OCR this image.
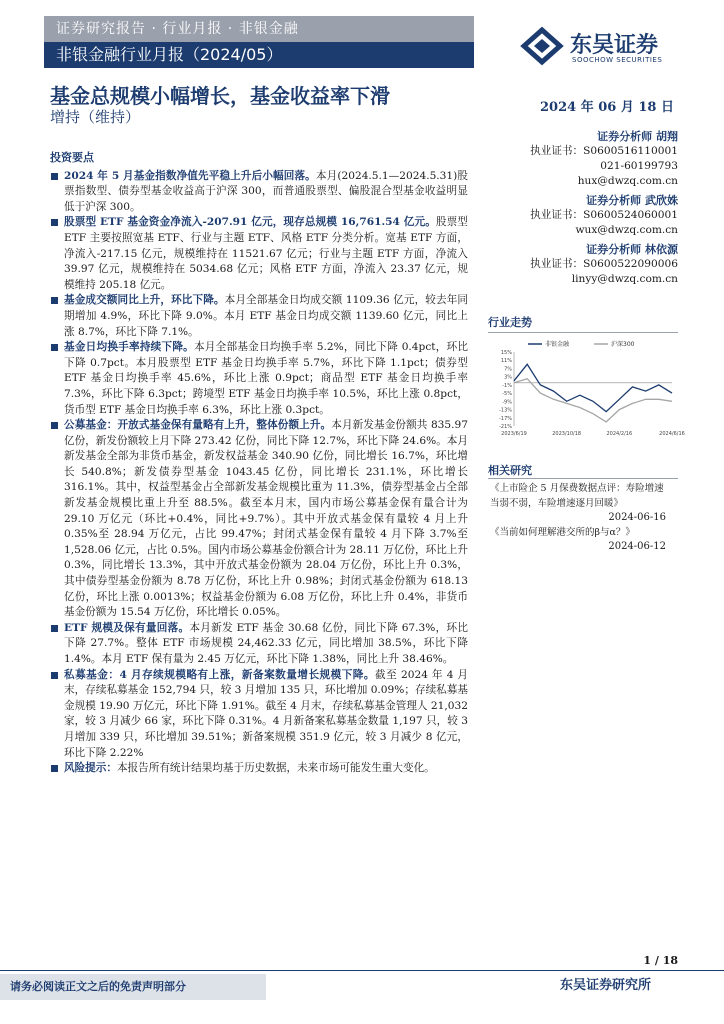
证券研究报告 · 行业月报 · 非银金融
非银金融行业月报（2024/05）	东吴证券
SOOCHOW SECURITIES
基金总规模小幅增长，基金收益率下滑
增持（维持）
2024 年 06 月 18 日
投资要点
2024 年 5 月基金指数净值先平稳上升后小幅回落。本月(2024.5.1—2024.5.31)股票指数型、债券型基金收益高于沪深 300，而普通股票型、偏股混合型基金收益明显低于沪深 300。
股票型 ETF 基金资金净流入-207.91 亿元，现存总规模 16,761.54 亿元。股票型 ETF 主要按照宽基 ETF、行业与主题 ETF、风格 ETF 分类分析。宽基 ETF 方面，净流入-217.15 亿元，规模维持在 11521.67 亿元；行业与主题 ETF 方面，净流入 39.97 亿元，规模维持在 5034.68 亿元；风格 ETF 方面，净流入 23.37 亿元，规模维持 205.18 亿元。
基金成交额同比上升，环比下降。本月全部基金日均成交额 1109.36 亿元，较去年同期增加 4.9%，环比下降 9.0%。本月 ETF 基金日均成交额 1139.60 亿元，同比上涨 8.7%，环比下降 7.1%。
基金日均换手率持续下降。本月全部基金日均换手率 5.2%，同比下降 0.4pct，环比下降 0.7pct。本月股票型 ETF 基金日均换手率 5.7%，环比下降 1.1pct；债券型 ETF 基金日均换手率 45.6%，环比上涨 0.9pct；商品型 ETF 基金日均换手率 7.3%，环比下降 6.3pct；跨境型 ETF 基金日均换手率 10.5%，环比上涨 0.8pct，货币型 ETF 基金日均换手率 6.3%，环比上涨 0.3pct。
公募基金：开放式基金保有量略有上升，整体份额上升。本月新发基金份额共 835.97 亿份，新发份额较上月下降 273.42 亿份，同比下降 12.7%，环比下降 24.6%。本月新发基金全部为非货币基金，新发权益基金 340.90 亿份，同比增长 16.7%，环比增长 540.8%；新发债券型基金 1043.45 亿份，同比增长 231.1%，环比增长 316.1%。其中，权益型基金占全部新发基金规模比重为 11.3%，债券型基金占全部新发基金规模比重上升至 88.5%。截至本月末，国内市场公募基金保有量合计为 29.10 万亿元（环比+0.4%，同比+9.7%）。其中开放式基金保有量较 4 月上升 0.35%至 28.94 万亿元，占比 99.47%；封闭式基金保有量较 4 月下降 3.7%至 1,528.06 亿元，占比 0.5%。国内市场公募基金份额合计为 28.11 万亿份，环比上升 0.3%，同比增长 13.3%，其中开放式基金份额为 28.04 万亿份，环比上升 0.3%，其中债券型基金份额为 8.78 万亿份，环比上升 0.98%；封闭式基金份额为 618.13 亿份，环比上涨 0.0013%；权益基金份额为 6.08 万亿份，环比上升 0.4%，非货币基金份额为 15.54 万亿份，环比增长 0.05%。
ETF 规模及保有量回落。本月新发 ETF 基金 30.68 亿份，同比下降 67.3%，环比下降 27.7%。整体 ETF 市场规模 24,462.33 亿元，同比增加 38.5%，环比下降 1.4%。本月 ETF 保有量为 2.45 万亿元，环比下降 1.38%，同比上升 38.46%。
私募基金：4 月存续规模略有上涨，新备案数量增长规模下降。截至 2024 年 4 月末，存续私募基金 152,794 只，较 3 月增加 135 只，环比增加 0.09%；存续私募基金规模 19.90 万亿元，环比下降 1.91%。截至 4 月末，存续私募基金管理人 21,032 家，较 3 月减少 66 家，环比下降 0.31%。4 月新备案私募基金数量 1,197 只，较 3 月增加 339 只，环比增加 39.51%；新备案规模 351.9 亿元，较 3 月减少 8 亿元，环比下降 2.22%
风险提示：本报告所有统计结果均基于历史数据，未来市场可能发生重大变化。
证券分析师 胡翔
执业证书：S0600516110001
021-60199793
hux@dwzq.com.cn
证券分析师 武欣姝
执业证书：S0600524060001
wux@dwzq.com.cn
证券分析师 林依源
执业证书：S0600522090006
linyy@dwzq.com.cn
行业走势
15%
11%
7%
3%
-1%
-5%
-9%
-13%
-17%
-21%
2023/6/19	2023/10/18	2024/2/16	2024/6/16
非银金融	沪深300
相关研究
《上市险企 5 月保费数据点评：寿险增速当弱不弱，车险增速逐月回暖》
2024-06-16
《当前如何理解港交所的β与α？》
2024-06-12
1 / 18
请务必阅读正文之后的免责声明部分	东吴证券研究所
